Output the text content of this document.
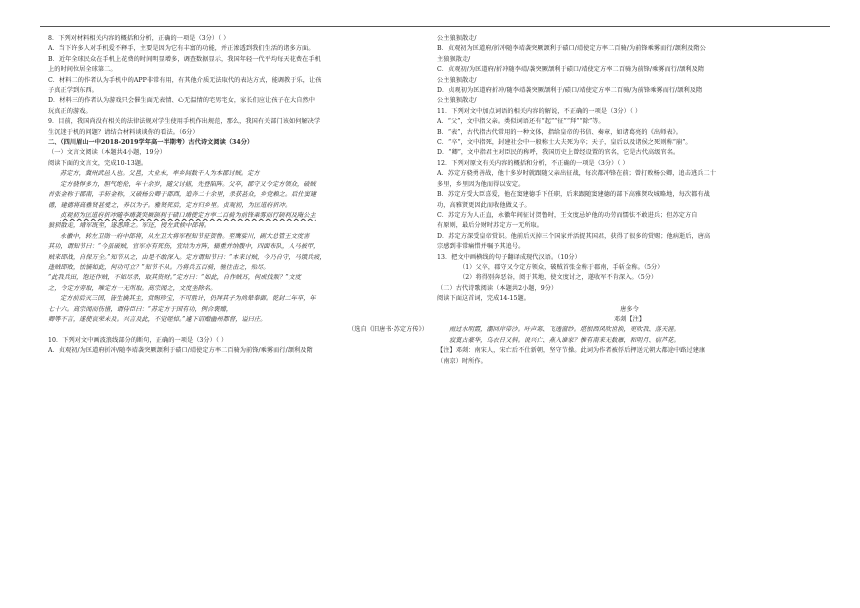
8．下列对材料相关内容的概括和分析，正确的一项是（3分）（ ）
A．当下许多人对手机爱不释手，主要是因为它有丰富的功能，并正渗透到我们生活的诸多方面。
B．近年全球民众在手机上花费的时间明显增多，调查数据显示，我国年轻一代平均每天花费在手机
上的时间位居全球第二。
C．材料二的作者认为手机中的APP非常有用，有其他介质无法取代的表达方式，能调教于乐，让孩
子真正学到东西。
D．材料三的作者认为游戏只会催生面无表情、心无温情的宅男宅女，家长们应让孩子在大自然中
玩真正的游戏。
9．目前，我国尚没有相关的法律法规对学生使用手机作出规范，那么，我国有关部门该如何解决学
生沉迷于机的问题？请结合材料谈谈你的看法。（6分）
二、（四川眉山一中2018-2019学年高一半期考）古代诗文阅读（34分）
（一）文言文阅读（本题共4小题，19分）
阅读下面的文言文，完成10-13题。
苏定方，冀州武邑人也。父邕，大业末，率乡闾数千人为本郡讨贼。定方
定方骁悍多力，胆气绝伦，年十余岁，随父讨捕，先登陷阵。父卒，郡守又令定方领众，破贼
首张金称于郡南，手斩金称，又破杨公卿于郡西，追奔二十余里，杀获甚众，乡党赖之。后仕窦建
德，建德将高雅贤甚爱之，养以为子。雅贤死后，定方归乡里。贞观初，为匡道府折冲。
贞观初为匡道府折冲随李靖袭突厥颉利于碛口靖使定方率二百骑为前锋乘雾而行颉利及隋公主
狼狈散走，靖军既至，遂悉降之。军还，授左武候中郎将。
永徽中，转左卫勋一府中郎将，从左卫大将军程知节征贺鲁。至鹰娑川，副大总管王文度害
其功，谓知节曰：“今虽破贼，官军亦有死伤，宜结为方阵，辎重并纳腹中，四面布队，人马被甲，
贼来即战，自保万全。”知节从之，由是不敢深入。定方谓知节曰：“本来讨贼，今乃自守，马饿兵疲，
逢贼即败，怯懦如此，何功可立？”知节不从。乃将兵五百骑，驰往击之，殆尽。
“此我兵田，饱还作贼，不如尽杀，取其资财。”定方曰：“如此，自作贼耳，何成伐叛？”文度
之，令定方旁取，唯定方一无所取。高宗闻之，文度坐除名。
定方前后灭三国，皆生擒其主，赏赐珍宝，不可胜计，仍拜其子为尚辇奉御。乾封二年卒，年
七十六。高宗闻而伤惜，谓侍臣曰：“苏定方于国有功，例合褒赠，
卿等不言，遂使哀荣未及。兴言及此，不觉嗟悼。”遽下诏赠幽州都督，谥曰庄。
（选自《旧唐书·苏定方传》）
10．下列对文中画波浪线部分的断句，正确的一项是（3分）（ ）
A．贞观初/为匡道府折冲/随李靖袭突厥颉利于碛口/靖使定方率二百骑为前锋/乘雾而行/颉利及隋
公主狼狈散走/
B．贞观初为匡道府/折冲随李靖袭突厥颉利于碛口/靖使定方率二百骑/为前锋乘雾而行/颉利及隋公
主狼狈散走/
C．贞观初/为匡道府/折冲随李靖/袭突厥颉利于碛口/靖使定方率二百骑为前锋/乘雾而行/颉利及隋
公主狼狈散走/
D．贞观初为匡道府折冲/随李靖袭突厥颉利于/碛口/靖使定方率二百骑/为前锋乘雾而行/颉利及隋
公主狼狈散走/
11．下列对文中加点词语的相关内容的解说，不正确的一项是（3分）（ ）
A．“父”，文中指父亲。类似词语还有“起”“征”“拜”“除”等。
B．“表”，古代指古代常用的一种文体，指给皇帝的书信、奏章，如诸葛亮的《出师表》。
C．“卒”，文中指死，封建社会中一般称士大夫死为卒；天子，皇后以及诸侯之死则称“崩”。
D．“卿”，文中指君主对臣民的称呼，我国历史上曾经设置的官名，它是古代高级官名。
12．下列对原文有关内容的概括和分析，不正确的一项是（3分）（ ）
A．苏定方骁勇善战，他十多岁时就跟随父亲出征战，每次都冲锋在前；曾打败杨公卿，追击逃兵二十
多里，乡里因为他而得以安定。
B．苏定方受大臣喜爱，他在窦建德手下任职，后来跟随窦建德的部下高雅贤攻城略地，每次都有战
功，高雅贤更因此而收他做义子。
C．苏定方为人正直，永徽年间征讨贺鲁时，王文度忌妒他的功劳而懦怯不敢进兵；但苏定方自
有原则，最后分财时苏定方一无所取。
D．苏定方深受皇帝赏识。他前后灭掉三个国家并活捉其国君，获得了很多的赏赐；他病逝后，唐高
宗感到非常痛惜并嘱予其追号。
13．把文中画横线的句子翻译成现代汉语。（10分）
（1）父卒，郡守又令定方领众，破贼首张金称于郡南，手斩金称。（5分）
（2）将得别奔恶谷，阅于其地，使文度讨之，遂收军不肯深入。（5分）
（二）古代诗歌阅读（本题共2小题，9分）
阅读下面这首词，完成14-15题。
唐多令
邓剡【注】
雨过水明霞，潮回岸带沙。叶声寒、飞透窗纱。堪恨西风吹世换，更吹我、落天涯。
寂寞古豪华，乌衣日又斜。说兴亡、燕入谁家？惟有南来无数雁，和明月、宿芦花。
【注】邓剡：南宋人，宋亡后不仕新朝，坚守节操。此词为作者被俘后押送元朝大都途中路过建康
（南京）时所作。
